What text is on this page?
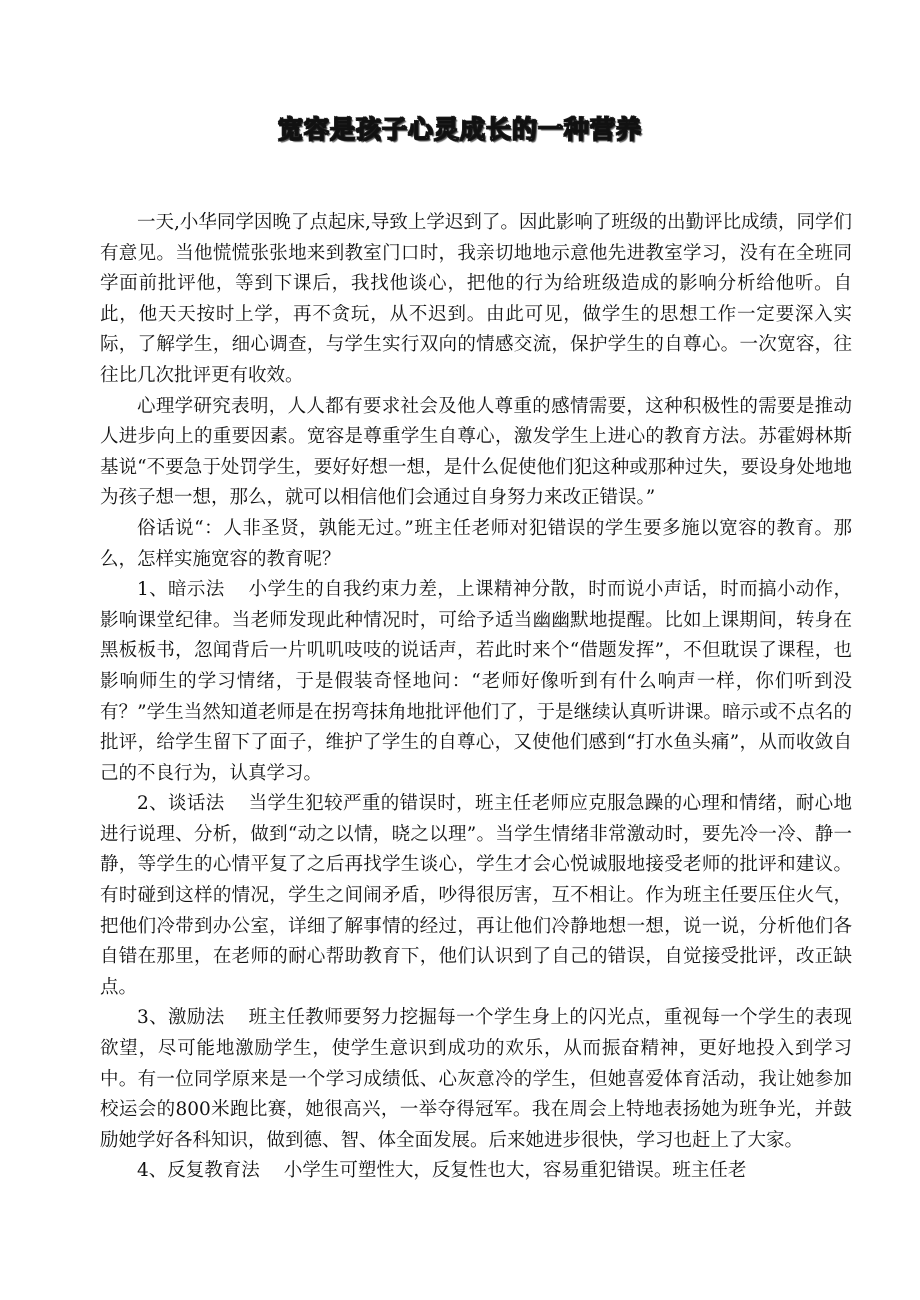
宽容是孩子心灵成长的一种营养

一天,小华同学因晚了点起床,导致上学迟到了。因此影响了班级的出勤评比成绩，同学们有意见。当他慌慌张张地来到教室门口时，我亲切地地示意他先进教室学习，没有在全班同学面前批评他，等到下课后，我找他谈心，把他的行为给班级造成的影响分析给他听。自此，他天天按时上学，再不贪玩，从不迟到。由此可见，做学生的思想工作一定要深入实际，了解学生，细心调查，与学生实行双向的情感交流，保护学生的自尊心。一次宽容，往往比几次批评更有收效。

心理学研究表明，人人都有要求社会及他人尊重的感情需要，这种积极性的需要是推动人进步向上的重要因素。宽容是尊重学生自尊心，激发学生上进心的教育方法。苏霍姆林斯基说“不要急于处罚学生，要好好想一想，是什么促使他们犯这种或那种过失，要设身处地地为孩子想一想，那么，就可以相信他们会通过自身努力来改正错误。”

俗话说“：人非圣贤，孰能无过。”班主任老师对犯错误的学生要多施以宽容的教育。那么，怎样实施宽容的教育呢？

1、暗示法 小学生的自我约束力差，上课精神分散，时而说小声话，时而搞小动作，影响课堂纪律。当老师发现此种情况时，可给予适当幽幽默地提醒。比如上课期间，转身在黑板板书，忽闻背后一片叽叽吱吱的说话声，若此时来个“借题发挥”，不但耽误了课程，也影响师生的学习情绪，于是假装奇怪地问：“老师好像听到有什么响声一样，你们听到没有？”学生当然知道老师是在拐弯抹角地批评他们了，于是继续认真听讲课。暗示或不点名的批评，给学生留下了面子，维护了学生的自尊心，又使他们感到“打水鱼头痛”，从而收敛自己的不良行为，认真学习。

2、谈话法 当学生犯较严重的错误时，班主任老师应克服急躁的心理和情绪，耐心地进行说理、分析，做到“动之以情，晓之以理”。当学生情绪非常激动时，要先冷一冷、静一静，等学生的心情平复了之后再找学生谈心，学生才会心悦诚服地接受老师的批评和建议。有时碰到这样的情况，学生之间闹矛盾，吵得很厉害，互不相让。作为班主任要压住火气，把他们冷带到办公室，详细了解事情的经过，再让他们冷静地想一想，说一说，分析他们各自错在那里，在老师的耐心帮助教育下，他们认识到了自己的错误，自觉接受批评，改正缺点。

3、激励法 班主任教师要努力挖掘每一个学生身上的闪光点，重视每一个学生的表现欲望，尽可能地激励学生，使学生意识到成功的欢乐，从而振奋精神，更好地投入到学习中。有一位同学原来是一个学习成绩低、心灰意冷的学生，但她喜爱体育活动，我让她参加校运会的800米跑比赛，她很高兴，一举夺得冠军。我在周会上特地表扬她为班争光，并鼓励她学好各科知识，做到德、智、体全面发展。后来她进步很快，学习也赶上了大家。

4、反复教育法 小学生可塑性大，反复性也大，容易重犯错误。班主任老
